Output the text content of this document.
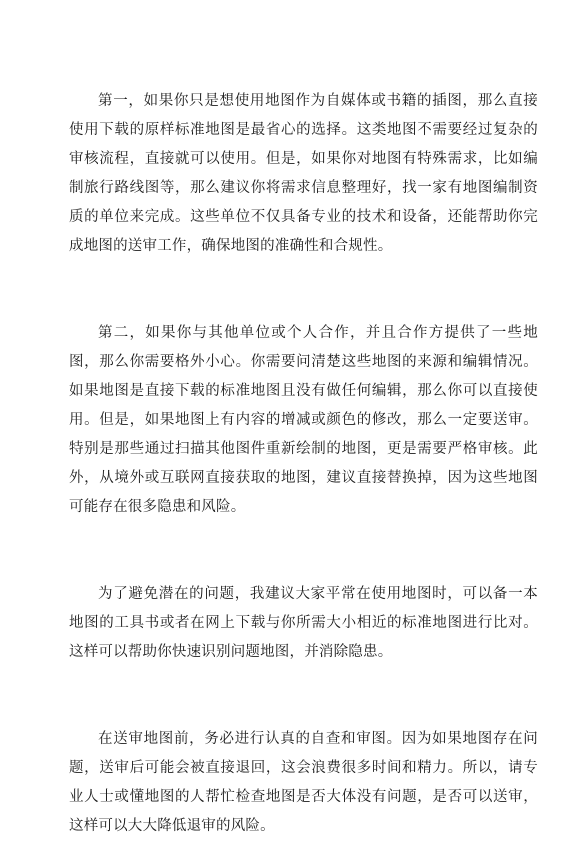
第一，如果你只是想使用地图作为自媒体或书籍的插图，那么直接使用下载的原样标准地图是最省心的选择。这类地图不需要经过复杂的审核流程，直接就可以使用。但是，如果你对地图有特殊需求，比如编制旅行路线图等，那么建议你将需求信息整理好，找一家有地图编制资质的单位来完成。这些单位不仅具备专业的技术和设备，还能帮助你完成地图的送审工作，确保地图的准确性和合规性。

第二，如果你与其他单位或个人合作，并且合作方提供了一些地图，那么你需要格外小心。你需要问清楚这些地图的来源和编辑情况。如果地图是直接下载的标准地图且没有做任何编辑，那么你可以直接使用。但是，如果地图上有内容的增减或颜色的修改，那么一定要送审。特别是那些通过扫描其他图件重新绘制的地图，更是需要严格审核。此外，从境外或互联网直接获取的地图，建议直接替换掉，因为这些地图可能存在很多隐患和风险。

为了避免潜在的问题，我建议大家平常在使用地图时，可以备一本地图的工具书或者在网上下载与你所需大小相近的标准地图进行比对。这样可以帮助你快速识别问题地图，并消除隐患。

在送审地图前，务必进行认真的自查和审图。因为如果地图存在问题，送审后可能会被直接退回，这会浪费很多时间和精力。所以，请专业人士或懂地图的人帮忙检查地图是否大体没有问题，是否可以送审，这样可以大大降低退审的风险。
